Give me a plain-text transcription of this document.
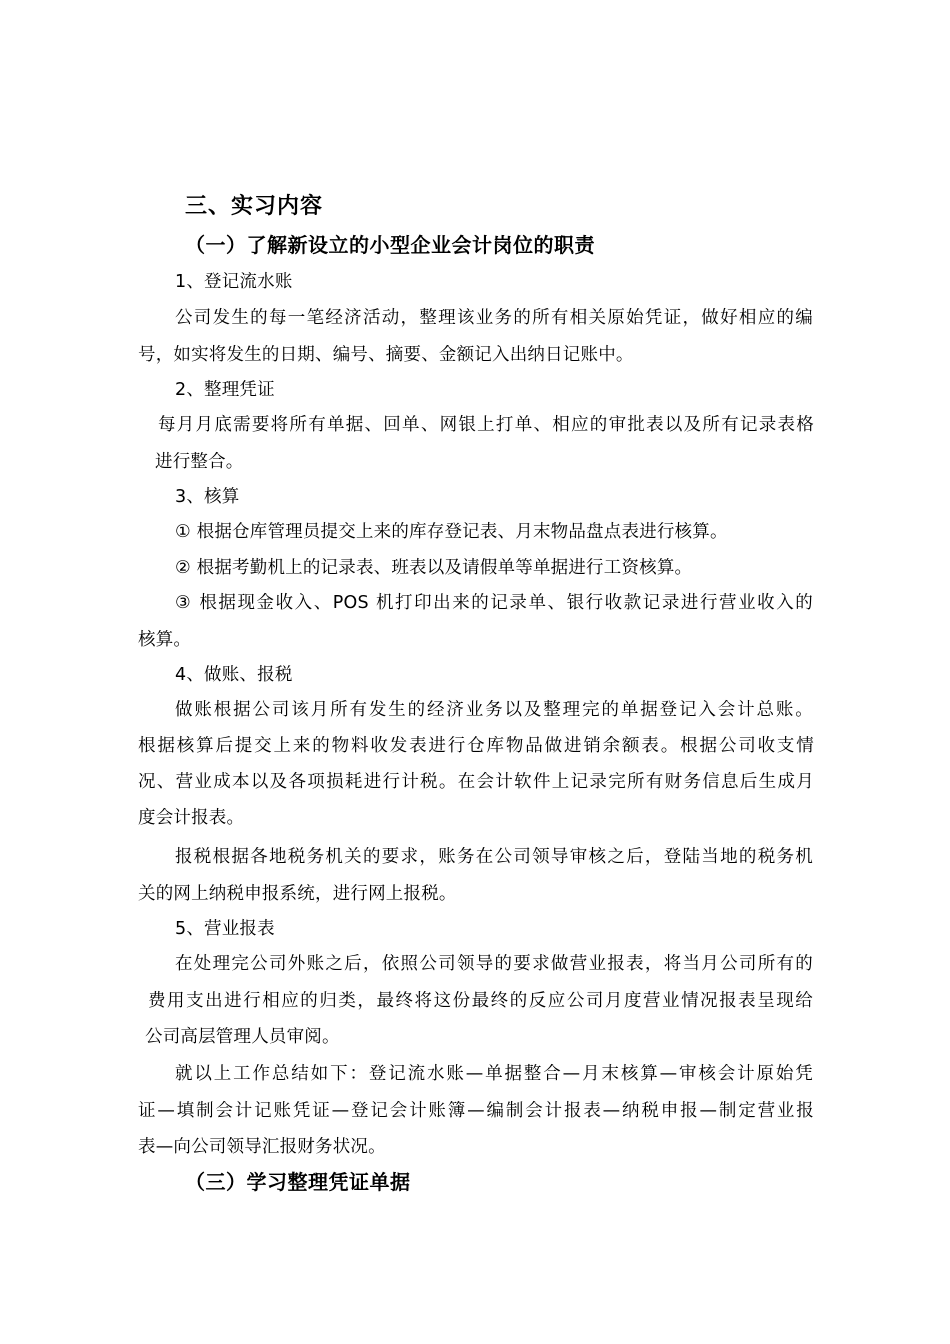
三、实习内容
（一）了解新设立的小型企业会计岗位的职责
1、登记流水账
公司发生的每一笔经济活动，整理该业务的所有相关原始凭证，做好相应的编
号，如实将发生的日期、编号、摘要、金额记入出纳日记账中。
2、整理凭证
每月月底需要将所有单据、回单、网银上打单、相应的审批表以及所有记录表格
进行整合。
3、核算
① 根据仓库管理员提交上来的库存登记表、月末物品盘点表进行核算。
② 根据考勤机上的记录表、班表以及请假单等单据进行工资核算。
③ 根据现金收入、POS 机打印出来的记录单、银行收款记录进行营业收入的
核算。
4、做账、报税
做账根据公司该月所有发生的经济业务以及整理完的单据登记入会计总账。
根据核算后提交上来的物料收发表进行仓库物品做进销余额表。根据公司收支情
况、营业成本以及各项损耗进行计税。在会计软件上记录完所有财务信息后生成月
度会计报表。
报税根据各地税务机关的要求，账务在公司领导审核之后，登陆当地的税务机
关的网上纳税申报系统，进行网上报税。
5、营业报表
在处理完公司外账之后，依照公司领导的要求做营业报表，将当月公司所有的
费用支出进行相应的归类，最终将这份最终的反应公司月度营业情况报表呈现给
公司高层管理人员审阅。
就以上工作总结如下：登记流水账—单据整合—月末核算—审核会计原始凭
证—填制会计记账凭证—登记会计账簿—编制会计报表—纳税申报—制定营业报
表—向公司领导汇报财务状况。
（三）学习整理凭证单据
